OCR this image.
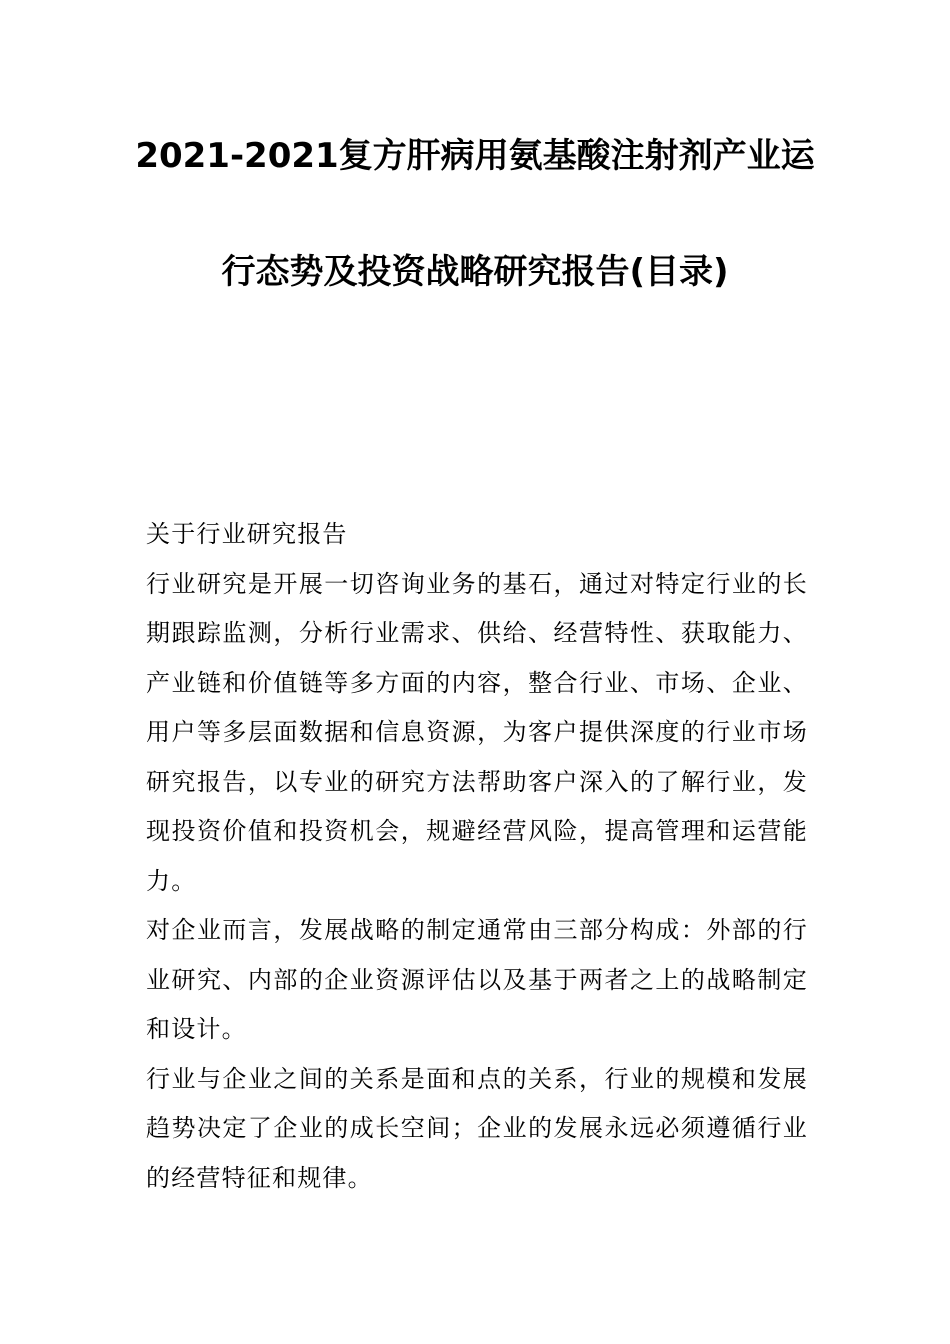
2021-2021复方肝病用氨基酸注射剂产业运
行态势及投资战略研究报告(目录)

关于行业研究报告

行业研究是开展一切咨询业务的基石，通过对特定行业的长期跟踪监测，分析行业需求、供给、经营特性、获取能力、产业链和价值链等多方面的内容，整合行业、市场、企业、用户等多层面数据和信息资源，为客户提供深度的行业市场研究报告，以专业的研究方法帮助客户深入的了解行业，发现投资价值和投资机会，规避经营风险，提高管理和运营能力。

对企业而言，发展战略的制定通常由三部分构成：外部的行业研究、内部的企业资源评估以及基于两者之上的战略制定和设计。

行业与企业之间的关系是面和点的关系，行业的规模和发展趋势决定了企业的成长空间；企业的发展永远必须遵循行业的经营特征和规律。
